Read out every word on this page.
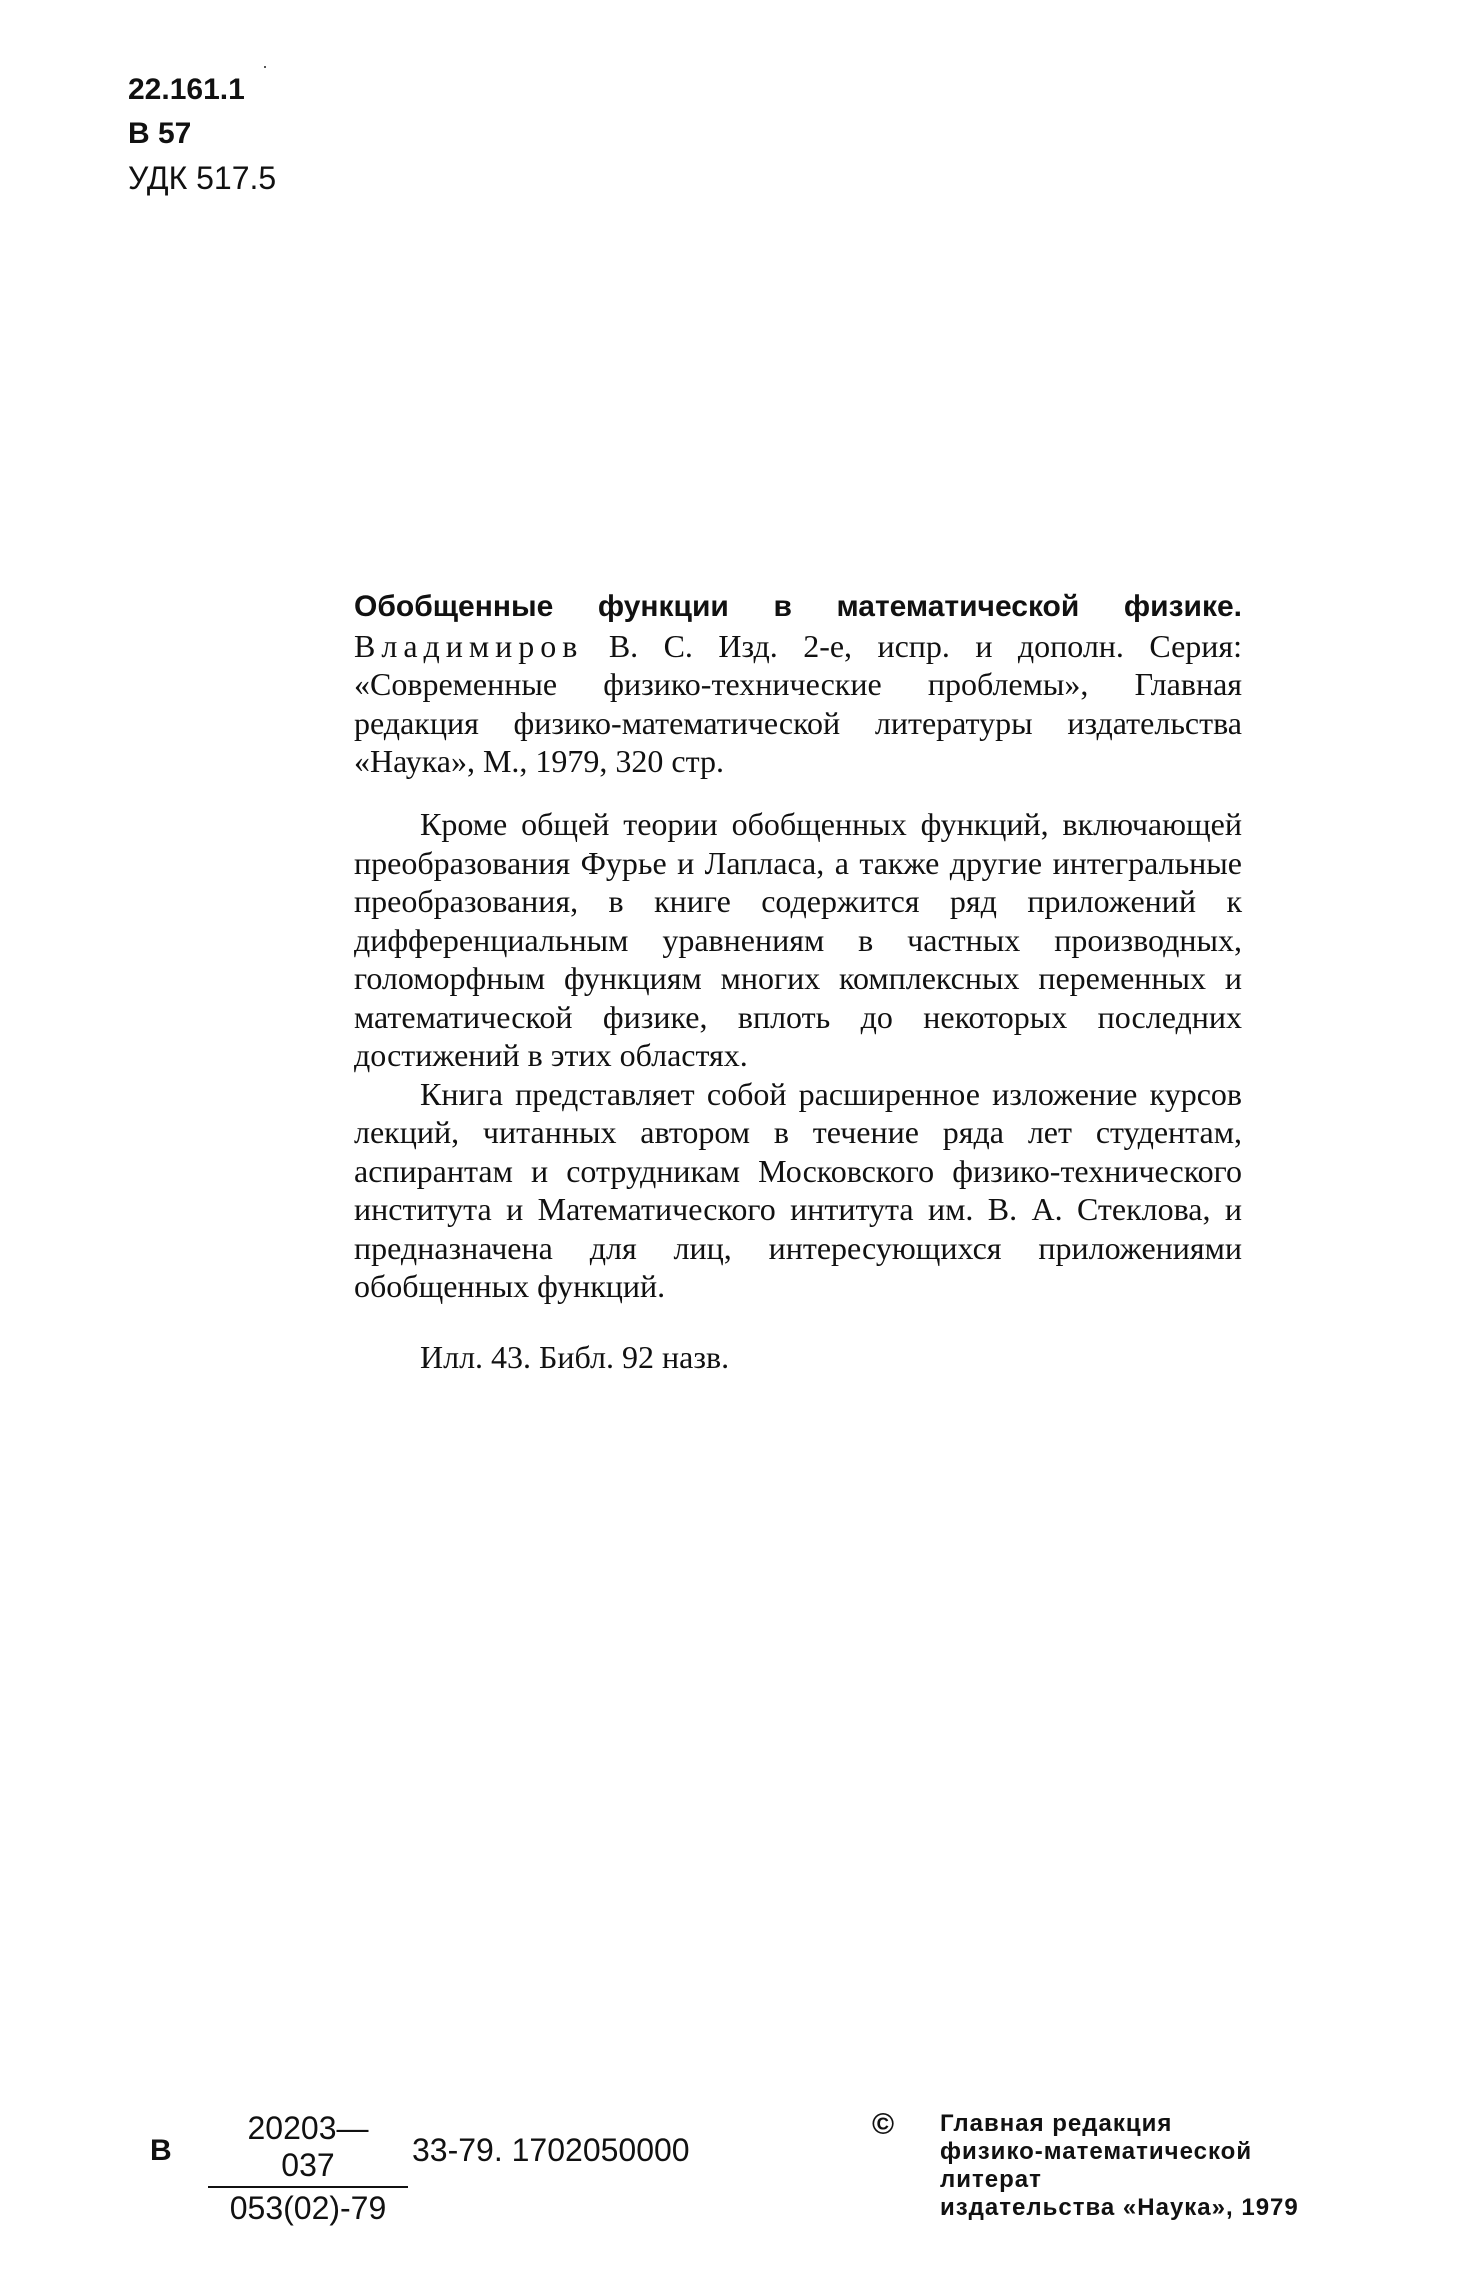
22.161.1
В 57
УДК 517.5
Обобщенные функции в математической физике. Владимиров В. С. Изд. 2-е, испр. и дополн. Серия: «Современные физико-технические проблемы», Главная редакция физико-математической литературы издательства «Наука», М., 1979, 320 стр.

Кроме общей теории обобщенных функций, включающей преобразования Фурье и Лапласа, а также другие интегральные преобразования, в книге содержится ряд приложений к дифференциальным уравнениям в частных производных, голоморфным функциям многих комплексных переменных и математической физике, вплоть до некоторых последних достижений в этих областях.

Книга представляет собой расширенное изложение курсов лекций, читанных автором в течение ряда лет студентам, аспирантам и сотрудникам Московского физико-технического института и Математического интитута им. В. А. Стеклова, и предназначена для лиц, интересующихся приложениями обобщенных функций.

Илл. 43. Библ. 92 назв.
В $\frac{20203—037}{053(02)-79} 33-79$. 1702050000
© Главная редакция
физико-математической литерат
издательства «Наука», 1979
